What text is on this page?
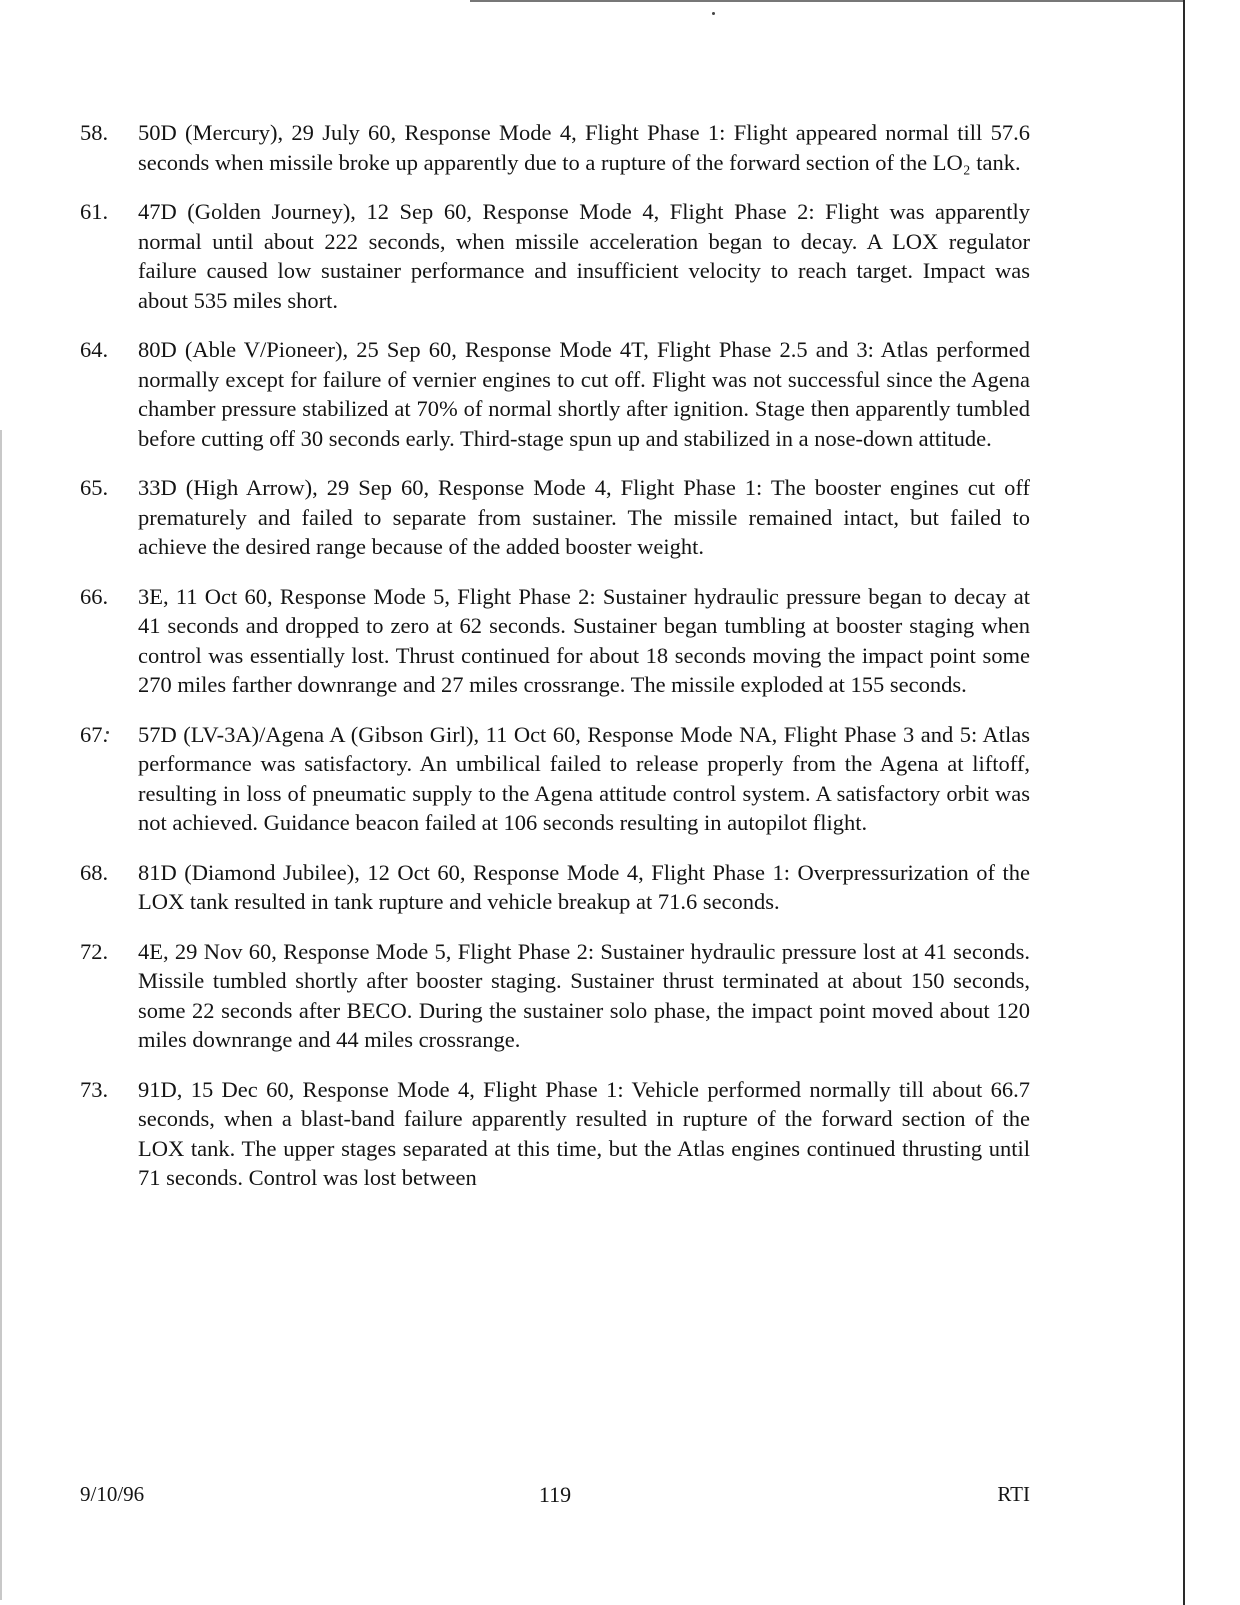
58.	50D (Mercury), 29 July 60, Response Mode 4, Flight Phase 1: Flight appeared normal till 57.6 seconds when missile broke up apparently due to a rupture of the forward section of the LO₂ tank.
61.	47D (Golden Journey), 12 Sep 60, Response Mode 4, Flight Phase 2: Flight was apparently normal until about 222 seconds, when missile acceleration began to decay. A LOX regulator failure caused low sustainer performance and insufficient velocity to reach target. Impact was about 535 miles short.
64.	80D (Able V/Pioneer), 25 Sep 60, Response Mode 4T, Flight Phase 2.5 and 3: Atlas performed normally except for failure of vernier engines to cut off. Flight was not successful since the Agena chamber pressure stabilized at 70% of normal shortly after ignition. Stage then apparently tumbled before cutting off 30 seconds early. Third-stage spun up and stabilized in a nose-down attitude.
65.	33D (High Arrow), 29 Sep 60, Response Mode 4, Flight Phase 1: The booster engines cut off prematurely and failed to separate from sustainer. The missile remained intact, but failed to achieve the desired range because of the added booster weight.
66.	3E, 11 Oct 60, Response Mode 5, Flight Phase 2: Sustainer hydraulic pressure began to decay at 41 seconds and dropped to zero at 62 seconds. Sustainer began tumbling at booster staging when control was essentially lost. Thrust continued for about 18 seconds moving the impact point some 270 miles farther downrange and 27 miles crossrange. The missile exploded at 155 seconds.
67.	57D (LV-3A)/Agena A (Gibson Girl), 11 Oct 60, Response Mode NA, Flight Phase 3 and 5: Atlas performance was satisfactory. An umbilical failed to release properly from the Agena at liftoff, resulting in loss of pneumatic supply to the Agena attitude control system. A satisfactory orbit was not achieved. Guidance beacon failed at 106 seconds resulting in autopilot flight.
68.	81D (Diamond Jubilee), 12 Oct 60, Response Mode 4, Flight Phase 1: Overpressurization of the LOX tank resulted in tank rupture and vehicle breakup at 71.6 seconds.
72.	4E, 29 Nov 60, Response Mode 5, Flight Phase 2: Sustainer hydraulic pressure lost at 41 seconds. Missile tumbled shortly after booster staging. Sustainer thrust terminated at about 150 seconds, some 22 seconds after BECO. During the sustainer solo phase, the impact point moved about 120 miles downrange and 44 miles crossrange.
73.	91D, 15 Dec 60, Response Mode 4, Flight Phase 1: Vehicle performed normally till about 66.7 seconds, when a blast-band failure apparently resulted in rupture of the forward section of the LOX tank. The upper stages separated at this time, but the Atlas engines continued thrusting until 71 seconds. Control was lost between
9/10/96	119	RTI
